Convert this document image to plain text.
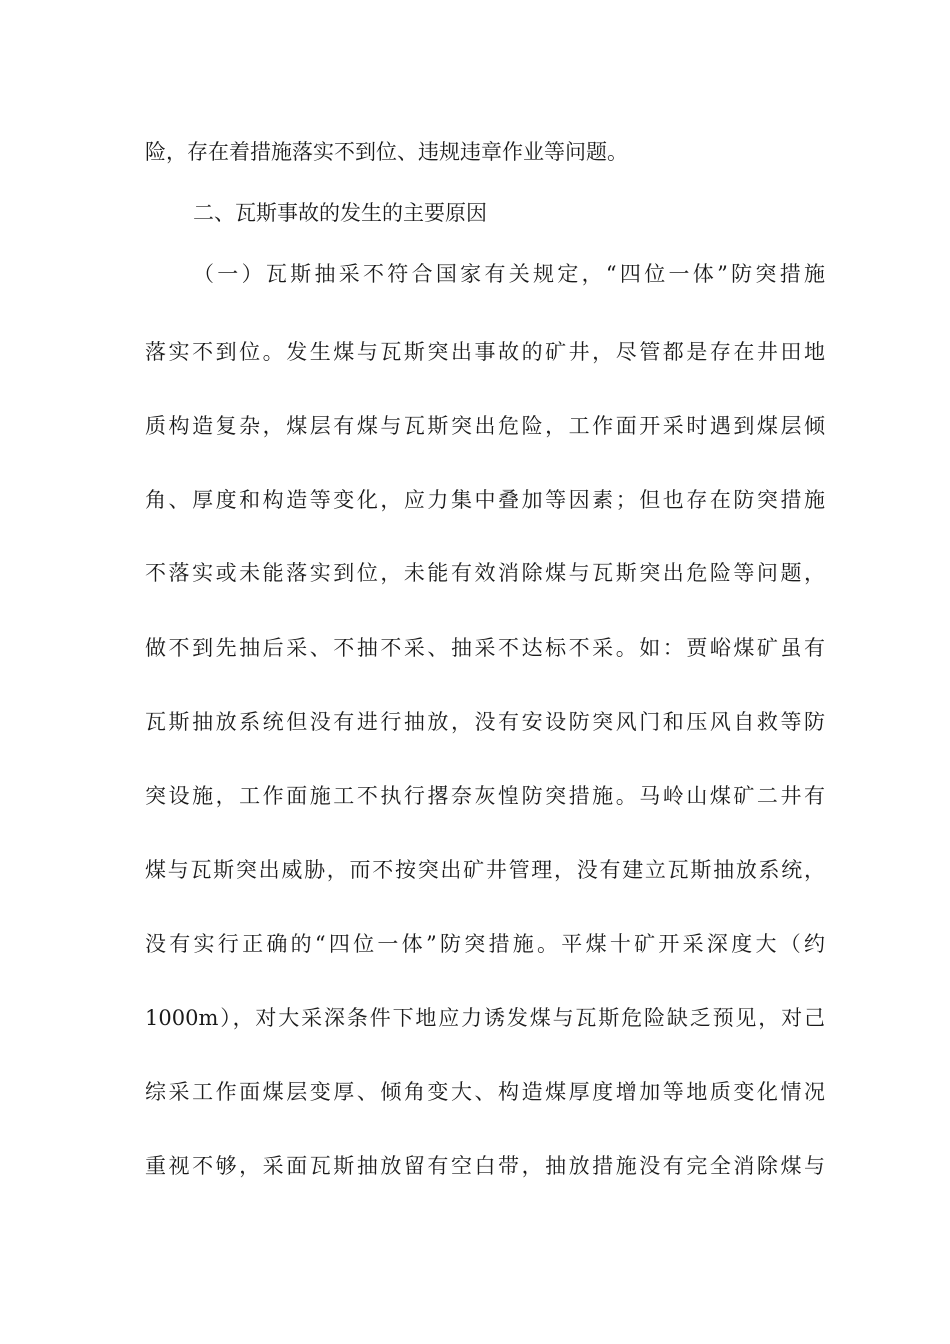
险，存在着措施落实不到位、违规违章作业等问题。
二、瓦斯事故的发生的主要原因
（一）瓦斯抽采不符合国家有关规定，“四位一体”防突措施
落实不到位。发生煤与瓦斯突出事故的矿井，尽管都是存在井田地
质构造复杂，煤层有煤与瓦斯突出危险，工作面开采时遇到煤层倾
角、厚度和构造等变化，应力集中叠加等因素；但也存在防突措施
不落实或未能落实到位，未能有效消除煤与瓦斯突出危险等问题，
做不到先抽后采、不抽不采、抽采不达标不采。如：贾峪煤矿虽有
瓦斯抽放系统但没有进行抽放，没有安设防突风门和压风自救等防
突设施，工作面施工不执行撂奈灰惶防突措施。马岭山煤矿二井有
煤与瓦斯突出威胁，而不按突出矿井管理，没有建立瓦斯抽放系统，
没有实行正确的“四位一体”防突措施。平煤十矿开采深度大（约
1000m），对大采深条件下地应力诱发煤与瓦斯危险缺乏预见，对己
综采工作面煤层变厚、倾角变大、构造煤厚度增加等地质变化情况
重视不够，采面瓦斯抽放留有空白带，抽放措施没有完全消除煤与
